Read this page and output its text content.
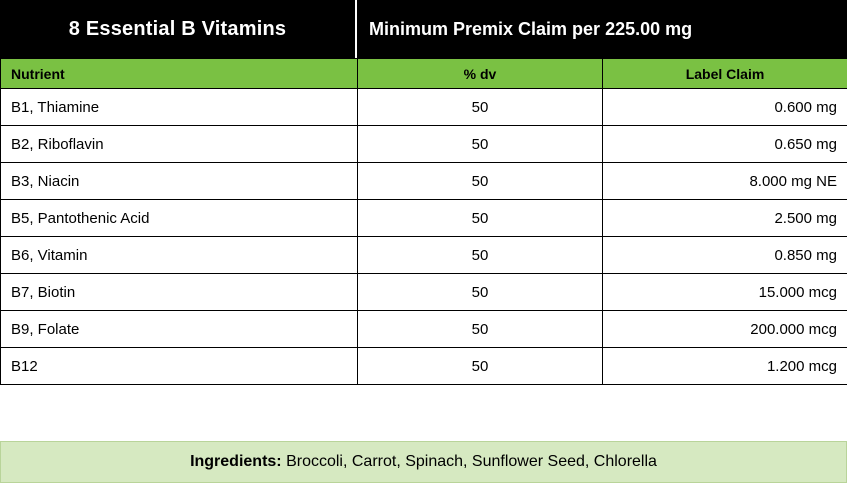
8 Essential B Vitamins	Minimum Premix Claim per 225.00 mg
Nutrient	% dv	Label Claim
B1, Thiamine	50	0.600 mg
B2, Riboflavin	50	0.650 mg
B3, Niacin	50	8.000 mg NE
B5, Pantothenic Acid	50	2.500 mg
B6, Vitamin	50	0.850 mg
B7, Biotin	50	15.000 mcg
B9, Folate	50	200.000 mcg
B12	50	1.200 mcg
Ingredients: Broccoli, Carrot, Spinach, Sunflower Seed, Chlorella
